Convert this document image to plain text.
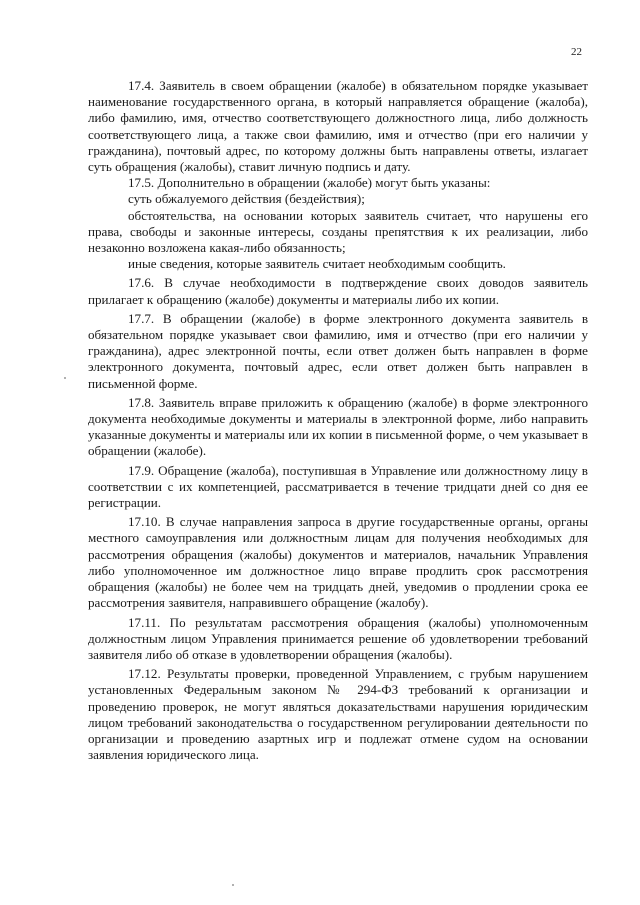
22

17.4. Заявитель в своем обращении (жалобе) в обязательном порядке указывает наименование государственного органа, в который направляется обращение (жалоба), либо фамилию, имя, отчество соответствующего должностного лица, либо должность соответствующего лица, а также свои фамилию, имя и отчество (при его наличии у гражданина), почтовый адрес, по которому должны быть направлены ответы, излагает суть обращения (жалобы), ставит личную подпись и дату.

17.5. Дополнительно в обращении (жалобе) могут быть указаны:

суть обжалуемого действия (бездействия);

обстоятельства, на основании которых заявитель считает, что нарушены его права, свободы и законные интересы, созданы препятствия к их реализации, либо незаконно возложена какая-либо обязанность;

иные сведения, которые заявитель считает необходимым сообщить.

17.6. В случае необходимости в подтверждение своих доводов заявитель прилагает к обращению (жалобе) документы и материалы либо их копии.

17.7. В обращении (жалобе) в форме электронного документа заявитель в обязательном порядке указывает свои фамилию, имя и отчество (при его наличии у гражданина), адрес электронной почты, если ответ должен быть направлен в форме электронного документа, почтовый адрес, если ответ должен быть направлен в письменной форме.

17.8. Заявитель вправе приложить к обращению (жалобе) в форме электронного документа необходимые документы и материалы в электронной форме, либо направить указанные документы и материалы или их копии в письменной форме, о чем указывает в обращении (жалобе).

17.9. Обращение (жалоба), поступившая в Управление или должностному лицу в соответствии с их компетенцией, рассматривается в течение тридцати дней со дня ее регистрации.

17.10. В случае направления запроса в другие государственные органы, органы местного самоуправления или должностным лицам для получения необходимых для рассмотрения обращения (жалобы) документов и материалов, начальник Управления либо уполномоченное им должностное лицо вправе продлить срок рассмотрения обращения (жалобы) не более чем на тридцать дней, уведомив о продлении срока ее рассмотрения заявителя, направившего обращение (жалобу).

17.11. По результатам рассмотрения обращения (жалобы) уполномоченным должностным лицом Управления принимается решение об удовлетворении требований заявителя либо об отказе в удовлетворении обращения (жалобы).

17.12. Результаты проверки, проведенной Управлением, с грубым нарушением установленных Федеральным законом № 294-ФЗ требований к организации и проведению проверок, не могут являться доказательствами нарушения юридическим лицом требований законодательства о государственном регулировании деятельности по организации и проведению азартных игр и подлежат отмене судом на основании заявления юридического лица.
